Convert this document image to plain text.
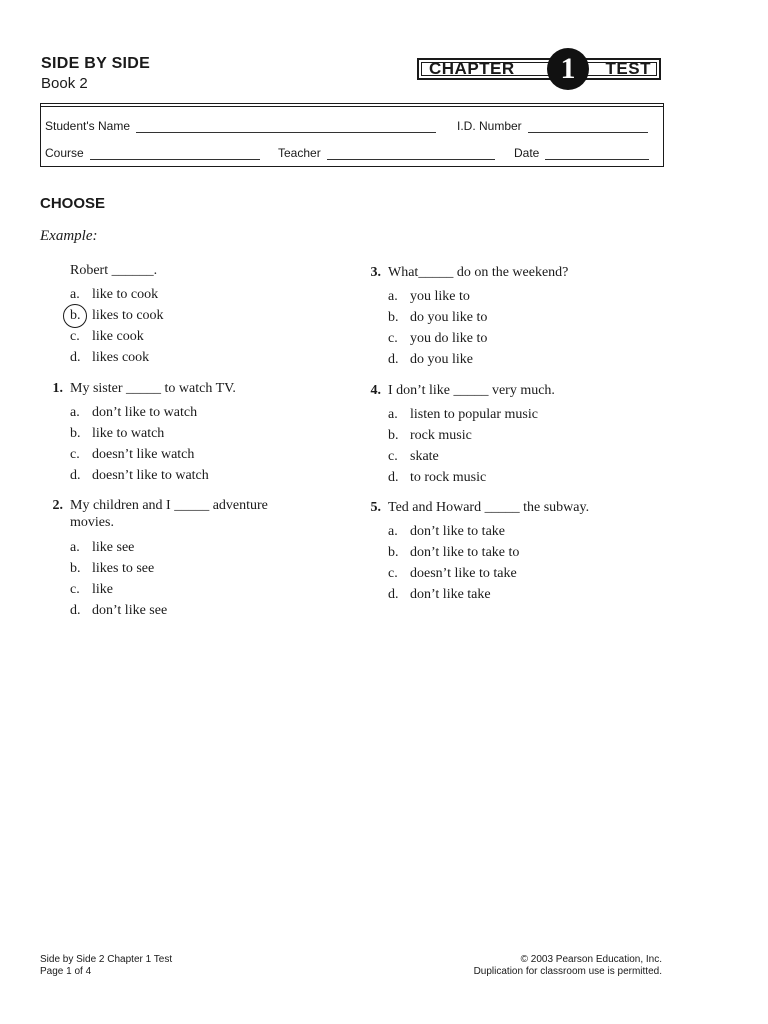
SIDE BY SIDE
Book 2
CHAPTER	1	TEST
Student's Name	I.D. Number
Course	Teacher	Date
CHOOSE
Example:
Robert ______.
a. like to cook
b. likes to cook
c. like cook
d. likes cook
1. My sister _____ to watch TV.
a. don’t like to watch
b. like to watch
c. doesn’t like watch
d. doesn’t like to watch
2. My children and I _____ adventure
movies.
a. like see
b. likes to see
c. like
d. don’t like see
3. What_____ do on the weekend?
a. you like to
b. do you like to
c. you do like to
d. do you like
4. I don’t like _____ very much.
a. listen to popular music
b. rock music
c. skate
d. to rock music
5. Ted and Howard _____ the subway.
a. don’t like to take
b. don’t like to take to
c. doesn’t like to take
d. don’t like take
Side by Side 2 Chapter 1 Test
Page 1 of 4
© 2003 Pearson Education, Inc.
Duplication for classroom use is permitted.
